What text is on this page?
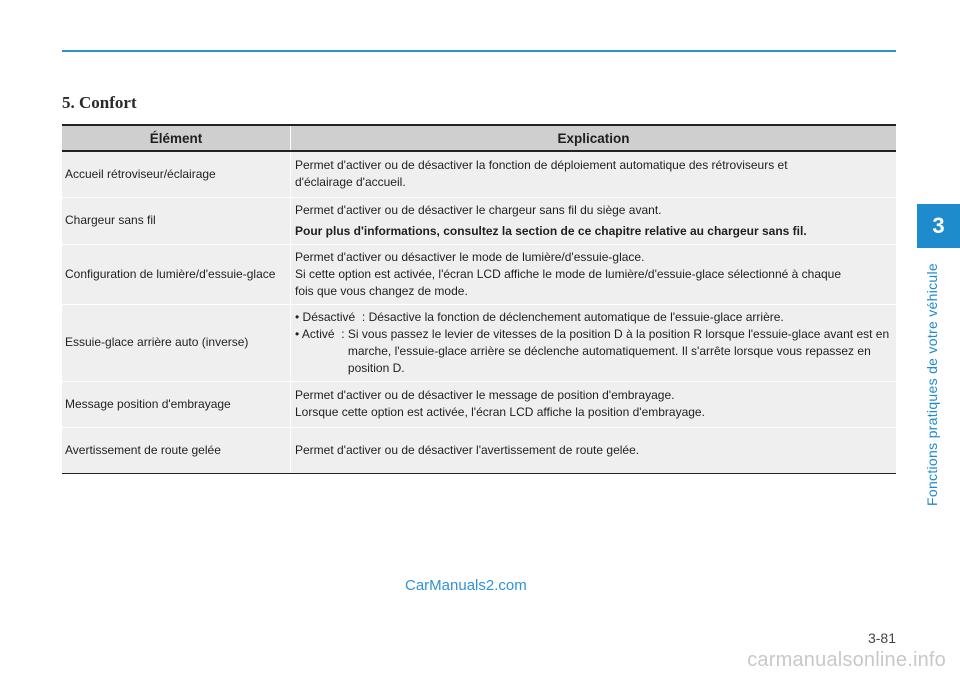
5. Confort
Élément	Explication
Accueil rétroviseur/éclairage	Permet d'activer ou de désactiver la fonction de déploiement automatique des rétroviseurs et
d'éclairage d'accueil.

Chargeur sans fil	Permet d'activer ou de désactiver le chargeur sans fil du siège avant.
Pour plus d'informations, consultez la section de ce chapitre relative au chargeur sans fil.

Configuration de lumière/d'essuie-glace	Permet d'activer ou désactiver le mode de lumière/d'essuie-glace.
Si cette option est activée, l'écran LCD affiche le mode de lumière/d'essuie-glace sélectionné à chaque
fois que vous changez de mode.

Essuie-glace arrière auto (inverse)	• Désactivé  : Désactive la fonction de déclenchement automatique de l'essuie-glace arrière.
• Activé  : Si vous passez le levier de vitesses de la position D à la position R lorsque l'essuie-glace avant est en marche, l'essuie-glace arrière se déclenche automatiquement. Il s'arrête lorsque vous repassez en position D.

Message position d'embrayage	Permet d'activer ou de désactiver le message de position d'embrayage.
Lorsque cette option est activée, l'écran LCD affiche la position d'embrayage.

Avertissement de route gelée	Permet d'activer ou de désactiver l'avertissement de route gelée.
3
Fonctions pratiques de votre véhicule
CarManuals2.com
3-81
carmanualsonline.info
